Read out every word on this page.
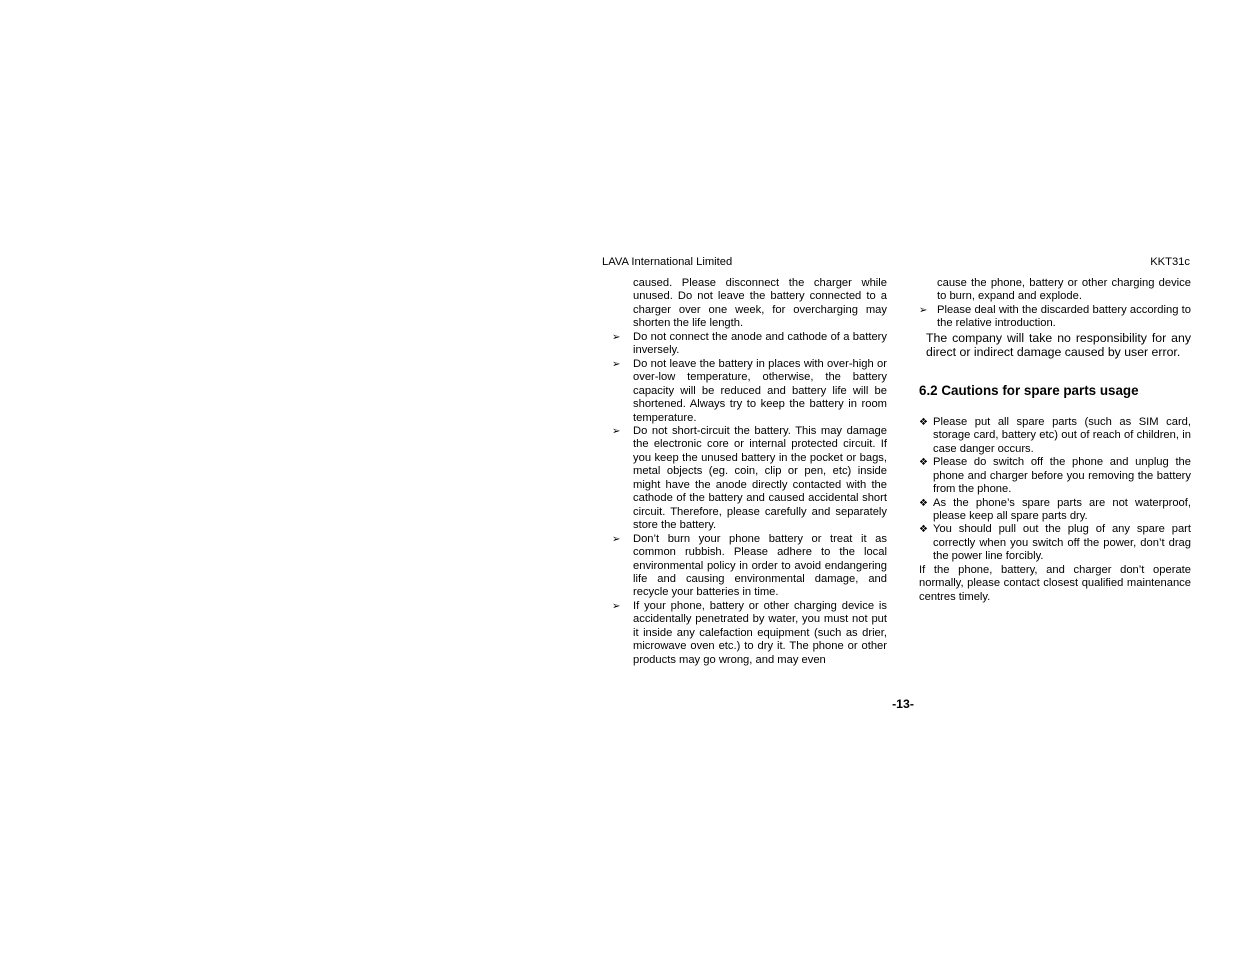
LAVA International Limited	KKT31c
caused. Please disconnect the charger while unused. Do not leave the battery connected to a charger over one week, for overcharging may shorten the life length.
➢ Do not connect the anode and cathode of a battery inversely.
➢ Do not leave the battery in places with over-high or over-low temperature, otherwise, the battery capacity will be reduced and battery life will be shortened. Always try to keep the battery in room temperature.
➢ Do not short-circuit the battery. This may damage the electronic core or internal protected circuit. If you keep the unused battery in the pocket or bags, metal objects (eg. coin, clip or pen, etc) inside might have the anode directly contacted with the cathode of the battery and caused accidental short circuit. Therefore, please carefully and separately store the battery.
➢ Don’t burn your phone battery or treat it as common rubbish. Please adhere to the local environmental policy in order to avoid endangering life and causing environmental damage, and recycle your batteries in time.
➢ If your phone, battery or other charging device is accidentally penetrated by water, you must not put it inside any calefaction equipment (such as drier, microwave oven etc.) to dry it. The phone or other products may go wrong, and may even
cause the phone, battery or other charging device to burn, expand and explode.
➢ Please deal with the discarded battery according to the relative introduction.
The company will take no responsibility for any direct or indirect damage caused by user error.
6.2 Cautions for spare parts usage
❖ Please put all spare parts (such as SIM card, storage card, battery etc) out of reach of children, in case danger occurs.
❖ Please do switch off the phone and unplug the phone and charger before you removing the battery from the phone.
❖ As the phone’s spare parts are not waterproof, please keep all spare parts dry.
❖ You should pull out the plug of any spare part correctly when you switch off the power, don’t drag the power line forcibly.
If the phone, battery, and charger don’t operate normally, please contact closest qualified maintenance centres timely.
-13-
